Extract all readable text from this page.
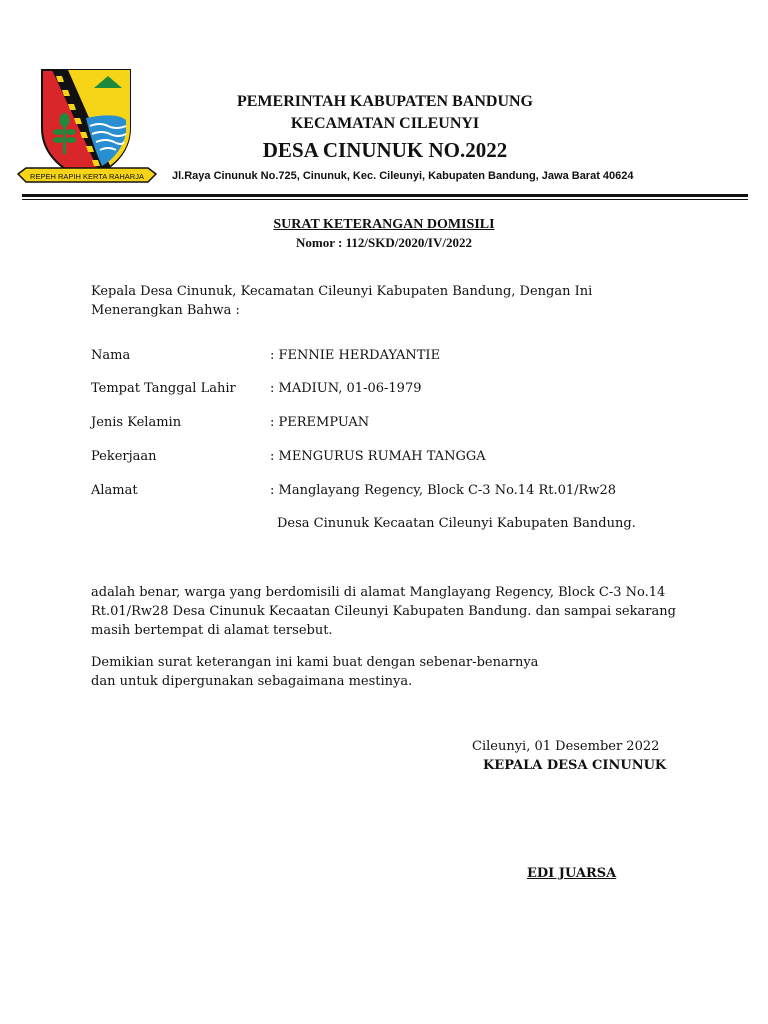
REPEH RAPIH KERTA RAHARJA
PEMERINTAH KABUPATEN BANDUNG
KECAMATAN CILEUNYI
DESA CINUNUK NO.2022
Jl.Raya Cinunuk No.725, Cinunuk, Kec. Cileunyi, Kabupaten Bandung, Jawa Barat 40624
SURAT KETERANGAN DOMISILI
Nomor : 112/SKD/2020/IV/2022
Kepala Desa Cinunuk, Kecamatan Cileunyi Kabupaten Bandung, Dengan Ini Menerangkan Bahwa :
Nama	: FENNIE HERDAYANTIE
Tempat Tanggal Lahir	: MADIUN, 01-06-1979
Jenis Kelamin	: PEREMPUAN
Pekerjaan	: MENGURUS RUMAH TANGGA
Alamat	: Manglayang Regency, Block C-3 No.14 Rt.01/Rw28
Desa Cinunuk Kecaatan Cileunyi Kabupaten Bandung.
adalah benar, warga yang berdomisili di alamat Manglayang Regency, Block C-3 No.14 Rt.01/Rw28 Desa Cinunuk Kecaatan Cileunyi Kabupaten Bandung. dan sampai sekarang masih bertempat di alamat tersebut.
Demikian surat keterangan ini kami buat dengan sebenar-benarnya dan untuk dipergunakan sebagaimana mestinya.
Cileunyi, 01 Desember 2022
KEPALA DESA CINUNUK
EDI JUARSA
